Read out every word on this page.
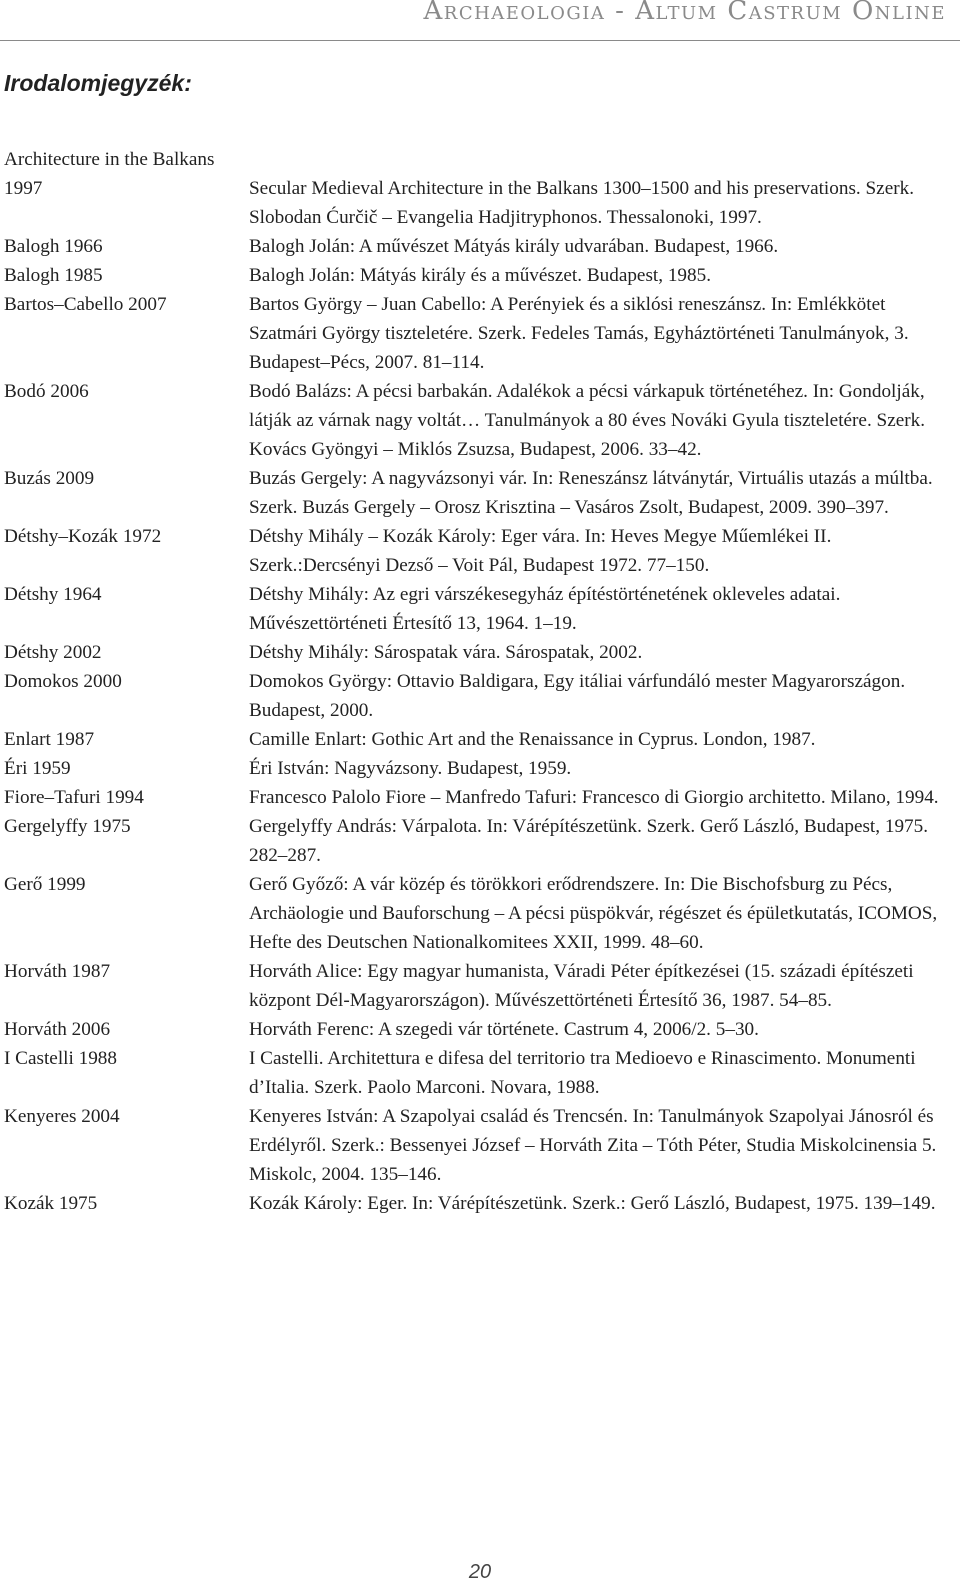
Archaeologia - Altum Castrum Online
Irodalomjegyzék:
Architecture in the Balkans 1997	Secular Medieval Architecture in the Balkans 1300–1500 and his preservations. Szerk. Slobodan Ćurčič – Evangelia Hadjitryphonos. Thessalonoki, 1997.
Balogh 1966	Balogh Jolán: A művészet Mátyás király udvarában. Budapest, 1966.
Balogh 1985	Balogh Jolán: Mátyás király és a művészet. Budapest, 1985.
Bartos–Cabello 2007	Bartos György – Juan Cabello: A Perényiek és a siklósi reneszánsz. In: Emlékkötet Szatmári György tiszteletére. Szerk. Fedeles Tamás, Egyháztörténeti Tanulmányok, 3. Budapest–Pécs, 2007. 81–114.
Bodó 2006	Bodó Balázs: A pécsi barbakán. Adalékok a pécsi várkapuk történetéhez. In: Gondolják, látják az várnak nagy voltát… Tanulmányok a 80 éves Nováki Gyula tiszteletére. Szerk. Kovács Gyöngyi – Miklós Zsuzsa, Budapest, 2006. 33–42.
Buzás 2009	Buzás Gergely: A nagyvázsonyi vár. In: Reneszánsz látványtár, Virtuális utazás a múltba. Szerk. Buzás Gergely – Orosz Krisztina – Vasáros Zsolt, Budapest, 2009. 390–397.
Détshy–Kozák 1972	Détshy Mihály – Kozák Károly: Eger vára. In: Heves Megye Műemlékei II. Szerk.:Dercsényi Dezső – Voit Pál, Budapest 1972. 77–150.
Détshy 1964	Détshy Mihály: Az egri várszékesegyház építéstörténetének okleveles adatai. Művészettörténeti Értesítő 13, 1964. 1–19.
Détshy 2002	Détshy Mihály: Sárospatak vára. Sárospatak, 2002.
Domokos 2000	Domokos György: Ottavio Baldigara, Egy itáliai várfundáló mester Magyarországon. Budapest, 2000.
Enlart 1987	Camille Enlart: Gothic Art and the Renaissance in Cyprus. London, 1987.
Éri 1959	Éri István: Nagyvázsony. Budapest, 1959.
Fiore–Tafuri 1994	Francesco Palolo Fiore – Manfredo Tafuri: Francesco di Giorgio architetto. Milano, 1994.
Gergelyffy 1975	Gergelyffy András: Várpalota. In: Várépítészetünk. Szerk. Gerő László, Budapest, 1975. 282–287.
Gerő 1999	Gerő Győző: A vár közép és törökkori erődrendszere. In: Die Bischofsburg zu Pécs, Archäologie und Bauforschung – A pécsi püspökvár, régészet és épületkutatás, ICOMOS, Hefte des Deutschen Nationalkomitees XXII, 1999. 48–60.
Horváth 1987	Horváth Alice: Egy magyar humanista, Váradi Péter építkezései (15. századi építészeti központ Dél-Magyarországon). Művészettörténeti Értesítő 36, 1987. 54–85.
Horváth 2006	Horváth Ferenc: A szegedi vár története. Castrum 4, 2006/2. 5–30.
I Castelli 1988	I Castelli. Architettura e difesa del territorio tra Medioevo e Rinascimento. Monumenti d’Italia. Szerk. Paolo Marconi. Novara, 1988.
Kenyeres 2004	Kenyeres István: A Szapolyai család és Trencsén. In: Tanulmányok Szapolyai Jánosról és Erdélyről. Szerk.: Bessenyei József – Horváth Zita – Tóth Péter, Studia Miskolcinensia 5. Miskolc, 2004. 135–146.
Kozák 1975	Kozák Károly: Eger. In: Várépítészetünk. Szerk.: Gerő László, Budapest, 1975. 139–149.
20
